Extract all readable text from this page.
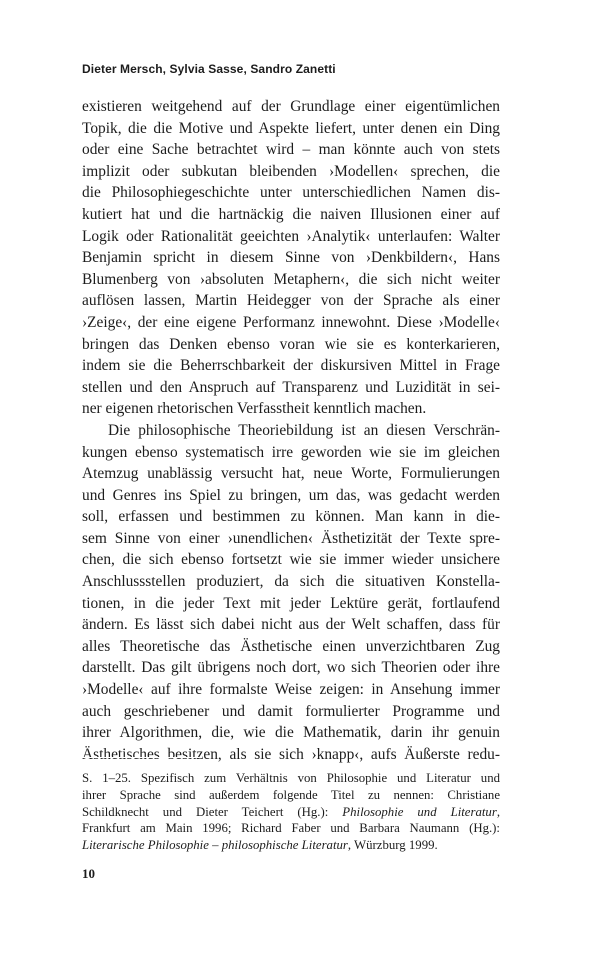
Dieter Mersch, Sylvia Sasse, Sandro Zanetti
existieren weitgehend auf der Grundlage einer eigentümlichen
Topik, die die Motive und Aspekte liefert, unter denen ein Ding
oder eine Sache betrachtet wird – man könnte auch von stets
implizit oder subkutan bleibenden ›Modellen‹ sprechen, die
die Philosophiegeschichte unter unterschiedlichen Namen dis-
kutiert hat und die hartnäckig die naiven Illusionen einer auf
Logik oder Rationalität geeichten ›Analytik‹ unterlaufen: Walter
Benjamin spricht in diesem Sinne von ›Denkbildern‹, Hans
Blumenberg von ›absoluten Metaphern‹, die sich nicht weiter
auflösen lassen, Martin Heidegger von der Sprache als einer
›Zeige‹, der eine eigene Performanz innewohnt. Diese ›Modelle‹
bringen das Denken ebenso voran wie sie es konterkarieren,
indem sie die Beherrschbarkeit der diskursiven Mittel in Frage
stellen und den Anspruch auf Transparenz und Luzidität in sei-
ner eigenen rhetorischen Verfasstheit kenntlich machen.
Die philosophische Theoriebildung ist an diesen Verschrän-
kungen ebenso systematisch irre geworden wie sie im gleichen
Atemzug unablässig versucht hat, neue Worte, Formulierungen
und Genres ins Spiel zu bringen, um das, was gedacht werden
soll, erfassen und bestimmen zu können. Man kann in die-
sem Sinne von einer ›unendlichen‹ Ästhetizität der Texte spre-
chen, die sich ebenso fortsetzt wie sie immer wieder unsichere
Anschlussstellen produziert, da sich die situativen Konstella-
tionen, in die jeder Text mit jeder Lektüre gerät, fortlaufend
ändern. Es lässt sich dabei nicht aus der Welt schaffen, dass für
alles Theoretische das Ästhetische einen unverzichtbaren Zug
darstellt. Das gilt übrigens noch dort, wo sich Theorien oder ihre
›Modelle‹ auf ihre formalste Weise zeigen: in Ansehung immer
auch geschriebener und damit formulierter Programme und
ihrer Algorithmen, die, wie die Mathematik, darin ihr genuin
Ästhetisches besitzen, als sie sich ›knapp‹, aufs Äußerste redu-
S. 1–25. Spezifisch zum Verhältnis von Philosophie und Literatur und
ihrer Sprache sind außerdem folgende Titel zu nennen: Christiane
Schildknecht und Dieter Teichert (Hg.): Philosophie und Literatur,
Frankfurt am Main 1996; Richard Faber und Barbara Naumann (Hg.):
Literarische Philosophie – philosophische Literatur, Würzburg 1999.
10
